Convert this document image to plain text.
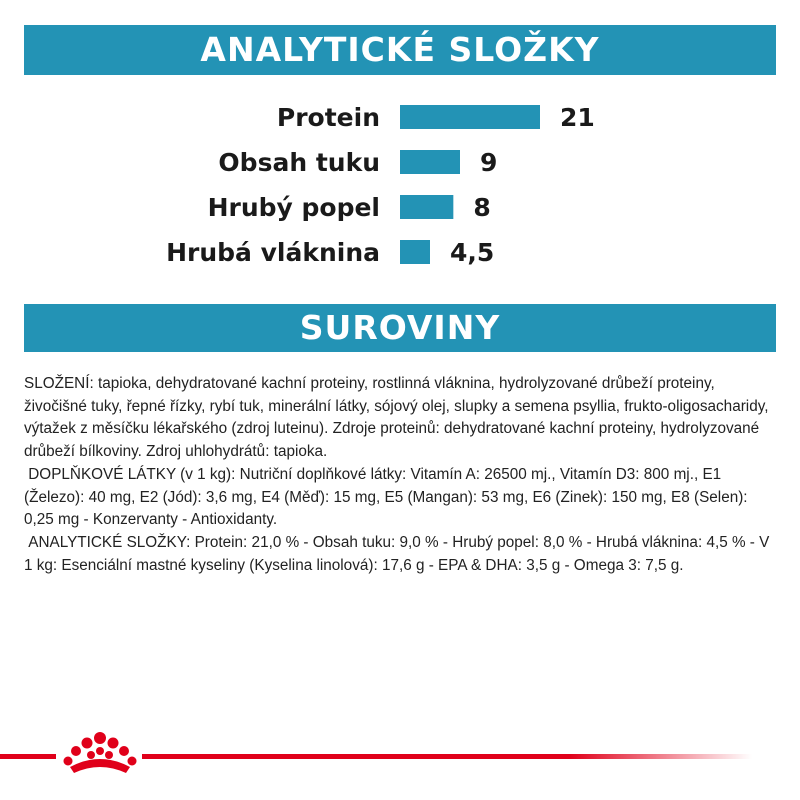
ANALYTICKÉ SLOŽKY
Protein	21
Obsah tuku	9
Hrubý popel	8
Hrubá vláknina	4,5
SUROVINY

SLOŽENÍ: tapioka, dehydratované kachní proteiny, rostlinná vláknina, hydrolyzované drůbeží proteiny, živočišné tuky, řepné řízky, rybí tuk, minerální látky, sójový olej, slupky a semena psyllia, frukto-oligosacharidy, výtažek z měsíčku lékařského (zdroj luteinu). Zdroje proteinů: dehydratované kachní proteiny, hydrolyzované drůbeží bílkoviny. Zdroj uhlohydrátů: tapioka.
DOPLŇKOVÉ LÁTKY (v 1 kg): Nutriční doplňkové látky: Vitamín A: 26500 mj., Vitamín D3: 800 mj., E1 (Železo): 40 mg, E2 (Jód): 3,6 mg, E4 (Měď): 15 mg, E5 (Mangan): 53 mg, E6 (Zinek): 150 mg, E8 (Selen): 0,25 mg - Konzervanty - Antioxidanty.
ANALYTICKÉ SLOŽKY: Protein: 21,0 % - Obsah tuku: 9,0 % - Hrubý popel: 8,0 % - Hrubá vláknina: 4,5 % - V 1 kg: Esenciální mastné kyseliny (Kyselina linolová): 17,6 g - EPA & DHA: 3,5 g - Omega 3: 7,5 g.
